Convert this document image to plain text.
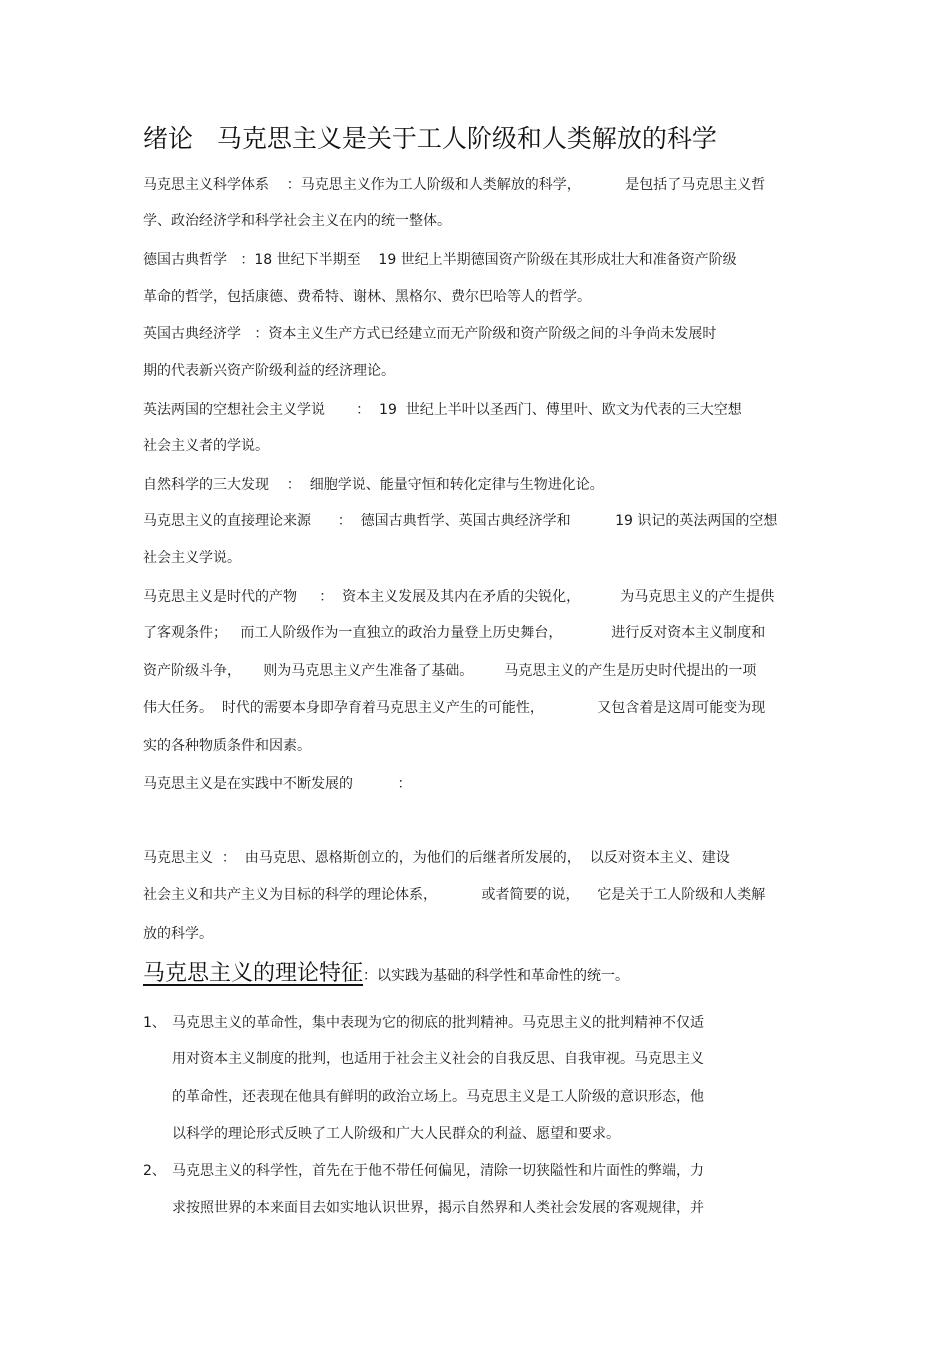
绪论   马克思主义是关于工人阶级和人类解放的科学
马克思主义科学体系    ：马克思主义作为工人阶级和人类解放的科学，          是包括了马克思主义哲
学、政治经济学和科学社会主义在内的统一整体。
德国古典哲学   ：18 世纪下半期至    19 世纪上半期德国资产阶级在其形成壮大和准备资产阶级
革命的哲学，包括康德、费希特、谢林、黑格尔、费尔巴哈等人的哲学。
英国古典经济学   ：资本主义生产方式已经建立而无产阶级和资产阶级之间的斗争尚未发展时
期的代表新兴资产阶级利益的经济理论。
英法两国的空想社会主义学说       ：  19  世纪上半叶以圣西门、傅里叶、欧文为代表的三大空想
社会主义者的学说。
自然科学的三大发现    ：  细胞学说、能量守恒和转化定律与生物进化论。
马克思主义的直接理论来源      ：  德国古典哲学、英国古典经济学和          19 识记的英法两国的空想
社会主义学说。
马克思主义是时代的产物     ：  资本主义发展及其内在矛盾的尖锐化，         为马克思主义的产生提供
了客观条件；   而工人阶级作为一直独立的政治力量登上历史舞台，           进行反对资本主义制度和
资产阶级斗争，     则为马克思主义产生准备了基础。       马克思主义的产生是历史时代提出的一项
伟大任务。  时代的需要本身即孕育着马克思主义产生的可能性，            又包含着是这周可能变为现
实的各种物质条件和因素。
马克思主义是在实践中不断发展的          ：
马克思主义  ：  由马克思、恩格斯创立的，为他们的后继者所发展的，  以反对资本主义、建设
社会主义和共产主义为目标的科学的理论体系，          或者简要的说，    它是关于工人阶级和人类解
放的科学。
马克思主义的理论特征：以实践为基础的科学性和革命性的统一。
1、 马克思主义的革命性，集中表现为它的彻底的批判精神。马克思主义的批判精神不仅适
用对资本主义制度的批判，也适用于社会主义社会的自我反思、自我审视。马克思主义
的革命性，还表现在他具有鲜明的政治立场上。马克思主义是工人阶级的意识形态，他
以科学的理论形式反映了工人阶级和广大人民群众的利益、愿望和要求。
2、 马克思主义的科学性，首先在于他不带任何偏见，清除一切狭隘性和片面性的弊端，力
求按照世界的本来面目去如实地认识世界，揭示自然界和人类社会发展的客观规律，并
